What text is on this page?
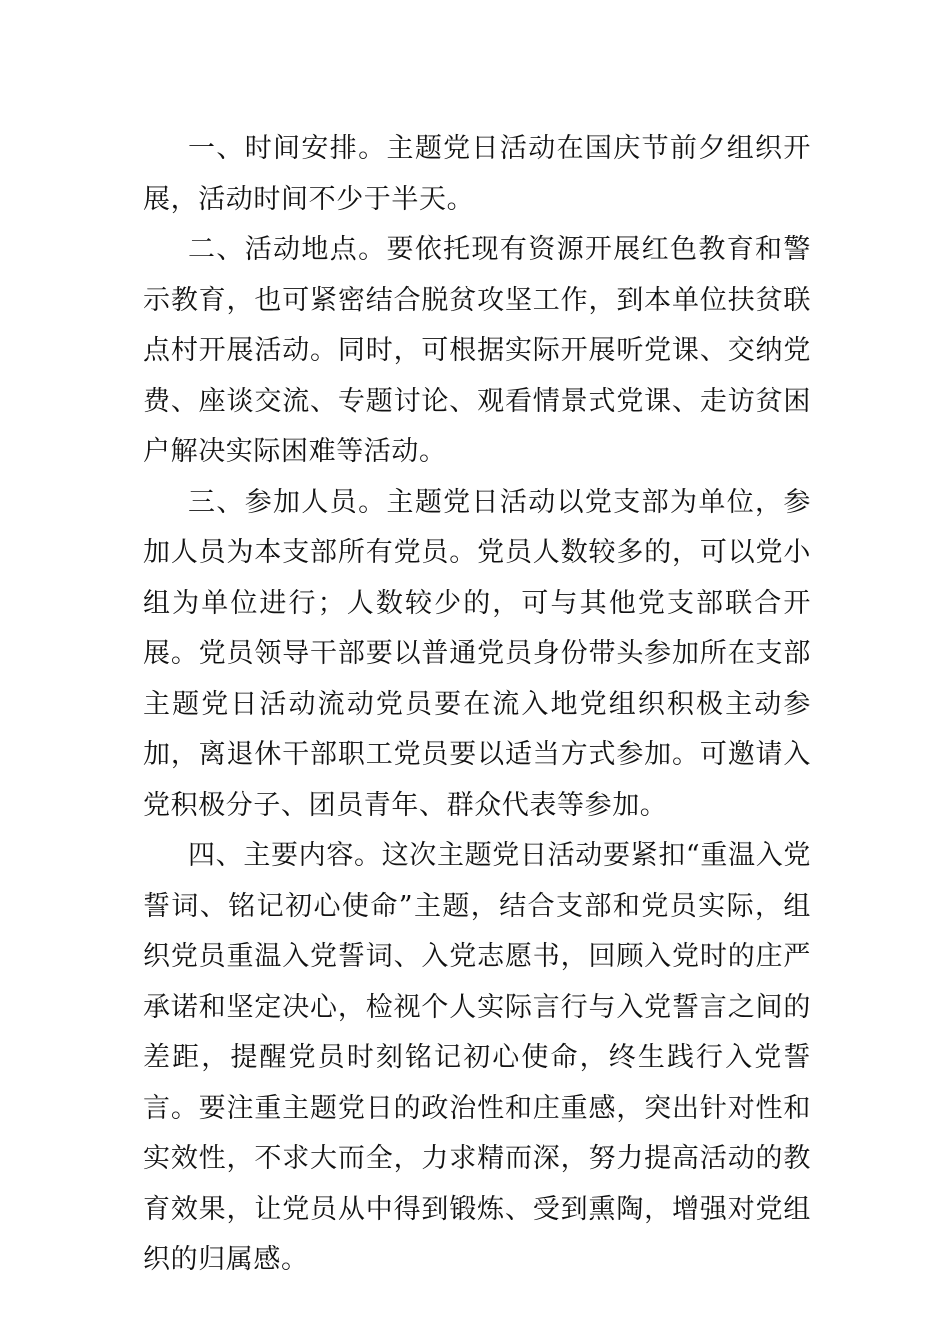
一、时间安排。主题党日活动在国庆节前夕组织开展，活动时间不少于半天。

二、活动地点。要依托现有资源开展红色教育和警示教育，也可紧密结合脱贫攻坚工作，到本单位扶贫联点村开展活动。同时，可根据实际开展听党课、交纳党费、座谈交流、专题讨论、观看情景式党课、走访贫困户解决实际困难等活动。

三、参加人员。主题党日活动以党支部为单位，参加人员为本支部所有党员。党员人数较多的，可以党小组为单位进行；人数较少的，可与其他党支部联合开展。党员领导干部要以普通党员身份带头参加所在支部主题党日活动流动党员要在流入地党组织积极主动参加，离退休干部职工党员要以适当方式参加。可邀请入党积极分子、团员青年、群众代表等参加。

四、主要内容。这次主题党日活动要紧扣“重温入党誓词、铭记初心使命”主题，结合支部和党员实际，组织党员重温入党誓词、入党志愿书，回顾入党时的庄严承诺和坚定决心，检视个人实际言行与入党誓言之间的差距，提醒党员时刻铭记初心使命，终生践行入党誓言。要注重主题党日的政治性和庄重感，突出针对性和实效性，不求大而全，力求精而深，努力提高活动的教育效果，让党员从中得到锻炼、受到熏陶，增强对党组织的归属感。
